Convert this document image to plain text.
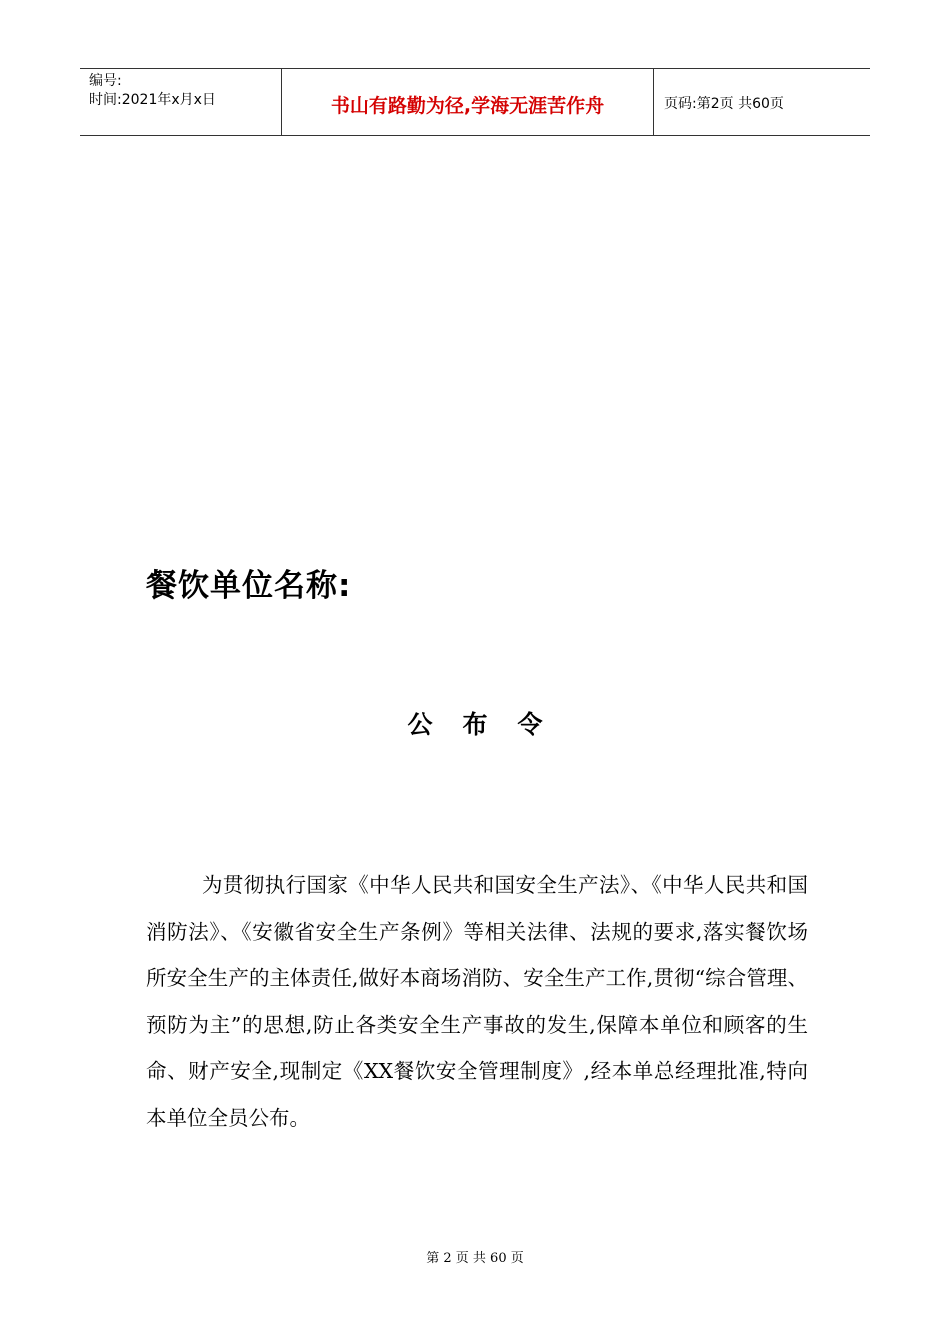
编号:
时间:2021年x月x日	书山有路勤为径,学海无涯苦作舟	页码:第2页 共60页
餐饮单位名称:
公 布 令
为贯彻执行国家《中华人民共和国安全生产法》、《中华人民共和国消防法》、《安徽省安全生产条例》等相关法律、法规的要求,落实餐饮场所安全生产的主体责任,做好本商场消防、安全生产工作,贯彻“综合管理、预防为主”的思想,防止各类安全生产事故的发生,保障本单位和顾客的生命、财产安全,现制定《XX餐饮安全管理制度》,经本单总经理批准,特向本单位全员公布。
第 2 页 共 60 页
